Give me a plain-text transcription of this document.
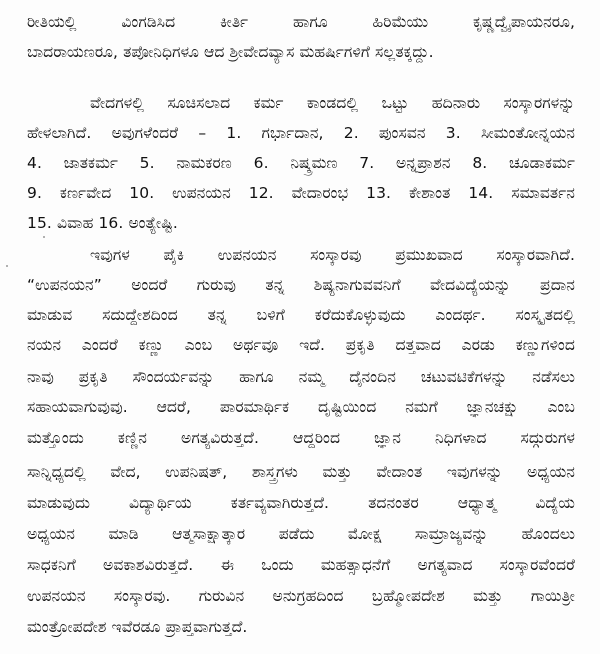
ರೀತಿಯಲ್ಲಿ ವಿಂಗಡಿಸಿದ ಕೀರ್ತಿ ಹಾಗೂ ಹಿರಿಮೆಯು ಕೃಷ್ಣದ್ವೈಪಾಯನರೂ,
ಬಾದರಾಯಣರೂ, ತಪೋನಿಧಿಗಳೂ ಆದ ಶ್ರೀವೇದವ್ಯಾಸ ಮಹರ್ಷಿಗಳಿಗೆ ಸಲ್ಲತಕ್ಕದ್ದು.
ವೇದಗಳಲ್ಲಿ ಸೂಚಿಸಲಾದ ಕರ್ಮ ಕಾಂಡದಲ್ಲಿ ಒಟ್ಟು ಹದಿನಾರು ಸಂಸ್ಕಾರಗಳನ್ನು
ಹೇಳಲಾಗಿದೆ. ಅವುಗಳೆಂದರೆ – 1. ಗರ್ಭಾದಾನ, 2. ಪುಂಸವನ 3. ಸೀಮಂತೋನ್ನಯನ
4. ಜಾತಕರ್ಮ 5. ನಾಮಕರಣ 6. ನಿಷ್ಕ್ರಮಣ 7. ಅನ್ನಪ್ರಾಶನ 8. ಚೂಡಾಕರ್ಮ
9. ಕರ್ಣವೇದ 10. ಉಪನಯನ 12. ವೇದಾರಂಭ 13. ಕೇಶಾಂತ 14. ಸಮಾವರ್ತನ
15. ವಿವಾಹ 16. ಅಂತ್ಯೇಷ್ಟಿ.
ಇವುಗಳ ಪೈಕಿ ಉಪನಯನ ಸಂಸ್ಕಾರವು ಪ್ರಮುಖವಾದ ಸಂಸ್ಕಾರವಾಗಿದೆ.
“ಉಪನಯನ” ಅಂದರೆ ಗುರುವು ತನ್ನ ಶಿಷ್ಯನಾಗುವವನಿಗೆ ವೇದವಿದ್ಯೆಯನ್ನು ಪ್ರದಾನ
ಮಾಡುವ ಸದುದ್ದೇಶದಿಂದ ತನ್ನ ಬಳಿಗೆ ಕರೆದುಕೊಳ್ಳುವುದು ಎಂದರ್ಥ. ಸಂಸ್ಕೃತದಲ್ಲಿ
ನಯನ ಎಂದರೆ ಕಣ್ಣು ಎಂಬ ಅರ್ಥವೂ ಇದೆ. ಪ್ರಕೃತಿ ದತ್ತವಾದ ಎರಡು ಕಣ್ಣುಗಳಿಂದ
ನಾವು ಪ್ರಕೃತಿ ಸೌಂದರ್ಯವನ್ನು ಹಾಗೂ ನಮ್ಮ ದೈನಂದಿನ ಚಟುವಟಿಕೆಗಳನ್ನು ನಡೆಸಲು
ಸಹಾಯವಾಗುವುವು. ಆದರೆ, ಪಾರಮಾರ್ಥಿಕ ದೃಷ್ಟಿಯಿಂದ ನಮಗೆ ಜ್ಞಾನಚಕ್ಷು ಎಂಬ
ಮತ್ತೊಂದು ಕಣ್ಣಿನ ಅಗತ್ಯವಿರುತ್ತದೆ. ಆದ್ದರಿಂದ ಜ್ಞಾನ ನಿಧಿಗಳಾದ ಸದ್ಗುರುಗಳ
ಸಾನ್ನಿಧ್ಯದಲ್ಲಿ ವೇದ, ಉಪನಿಷತ್, ಶಾಸ್ತ್ರಗಳು ಮತ್ತು ವೇದಾಂತ ಇವುಗಳನ್ನು ಅಧ್ಯಯನ
ಮಾಡುವುದು ವಿದ್ಯಾರ್ಥಿಯ ಕರ್ತವ್ಯವಾಗಿರುತ್ತದೆ. ತದನಂತರ ಆಧ್ಯಾತ್ಮ ವಿದ್ಯೆಯ
ಅಧ್ಯಯನ ಮಾಡಿ ಆತ್ಮಸಾಕ್ಷಾತ್ಕಾರ ಪಡೆದು ಮೋಕ್ಷ ಸಾಮ್ರಾಜ್ಯವನ್ನು ಹೊಂದಲು
ಸಾಧಕನಿಗೆ ಅವಕಾಶವಿರುತ್ತದೆ. ಈ ಒಂದು ಮಹತ್ಸಾಧನೆಗೆ ಅಗತ್ಯವಾದ ಸಂಸ್ಕಾರವೆಂದರೆ
ಉಪನಯನ ಸಂಸ್ಕಾರವು. ಗುರುವಿನ ಅನುಗ್ರಹದಿಂದ ಬ್ರಹ್ಮೋಪದೇಶ ಮತ್ತು ಗಾಯಿತ್ರೀ
ಮಂತ್ರೋಪದೇಶ ಇವೆರಡೂ ಪ್ರಾಪ್ತವಾಗುತ್ತದೆ.
